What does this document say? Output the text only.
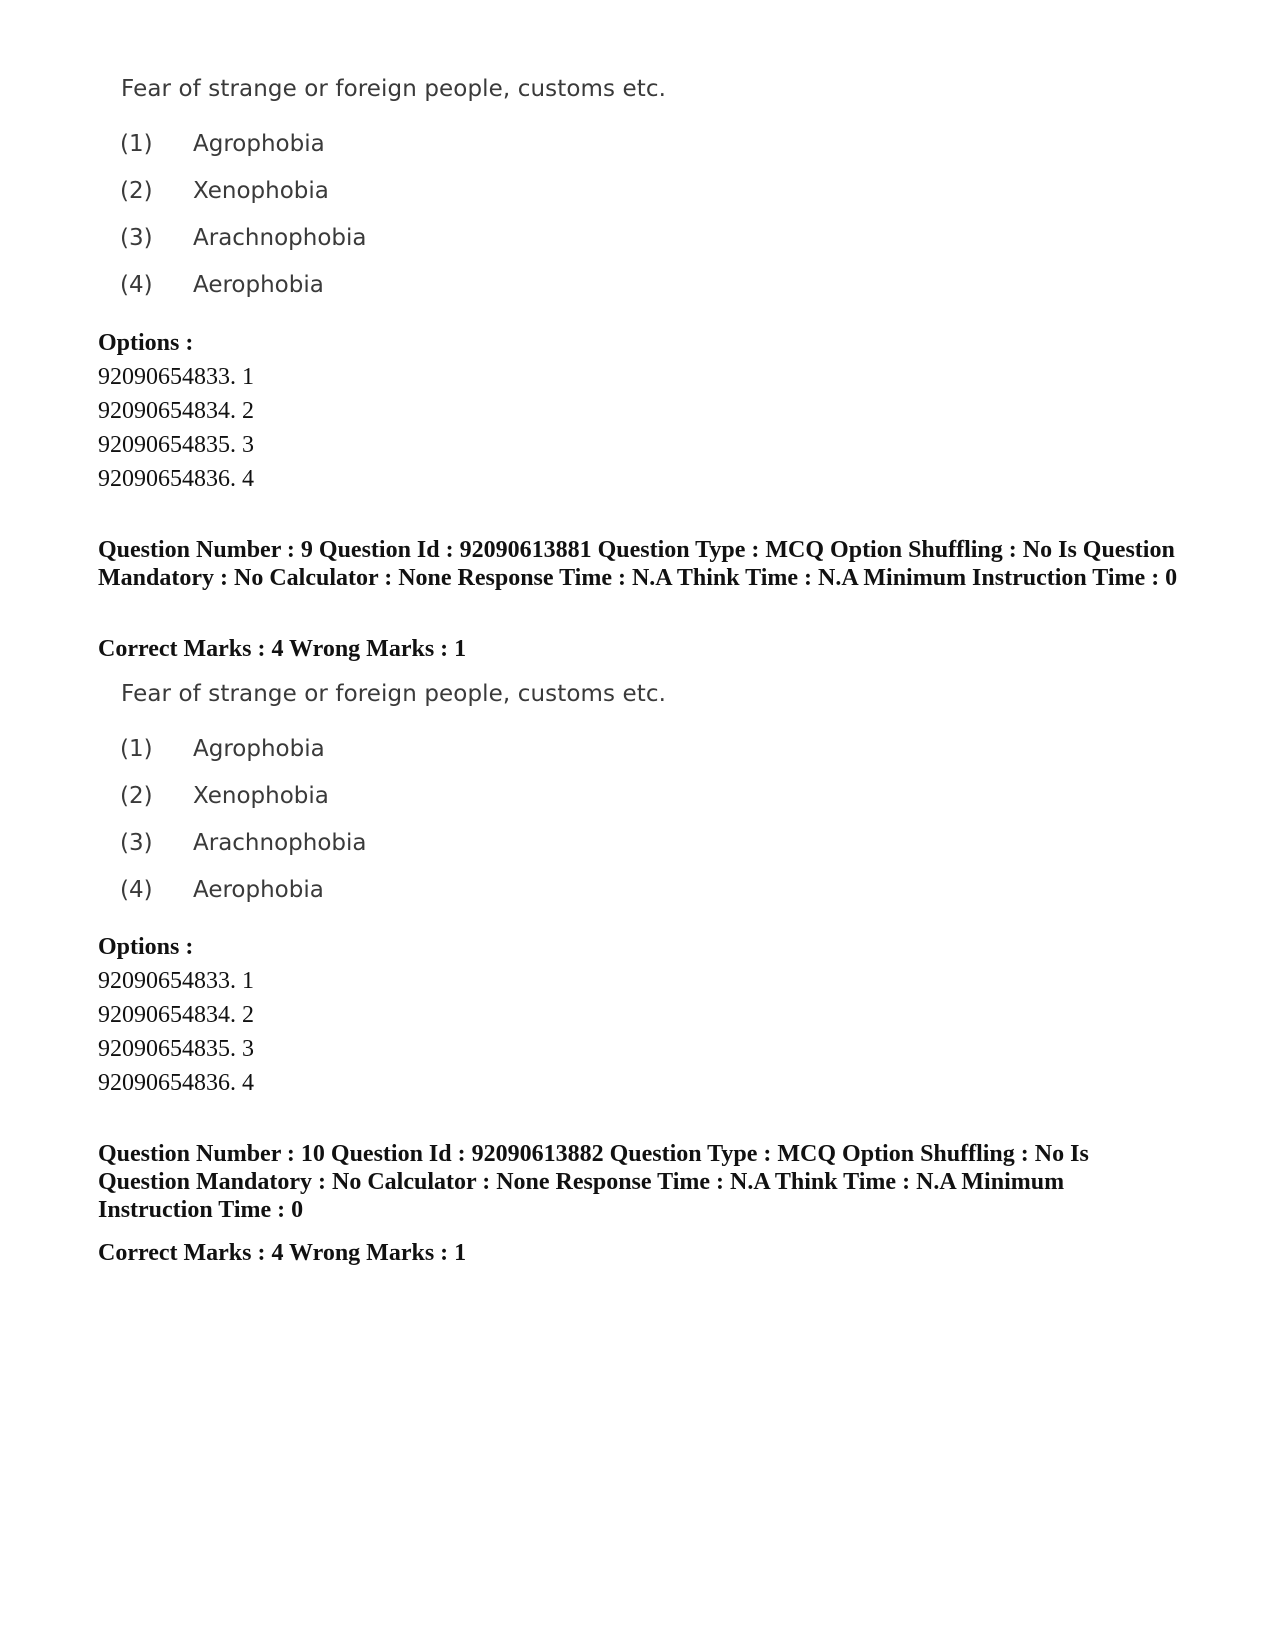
Fear of strange or foreign people, customs etc.
(1)	Agrophobia
(2)	Xenophobia
(3)	Arachnophobia
(4)	Aerophobia
Options :
92090654833. 1
92090654834. 2
92090654835. 3
92090654836. 4
Question Number : 9 Question Id : 92090613881 Question Type : MCQ Option Shuffling : No Is Question Mandatory : No Calculator : None Response Time : N.A Think Time : N.A Minimum Instruction Time : 0
Correct Marks : 4 Wrong Marks : 1
Fear of strange or foreign people, customs etc.
(1)	Agrophobia
(2)	Xenophobia
(3)	Arachnophobia
(4)	Aerophobia
Options :
92090654833. 1
92090654834. 2
92090654835. 3
92090654836. 4
Question Number : 10 Question Id : 92090613882 Question Type : MCQ Option Shuffling : No Is Question Mandatory : No Calculator : None Response Time : N.A Think Time : N.A Minimum Instruction Time : 0
Correct Marks : 4 Wrong Marks : 1
